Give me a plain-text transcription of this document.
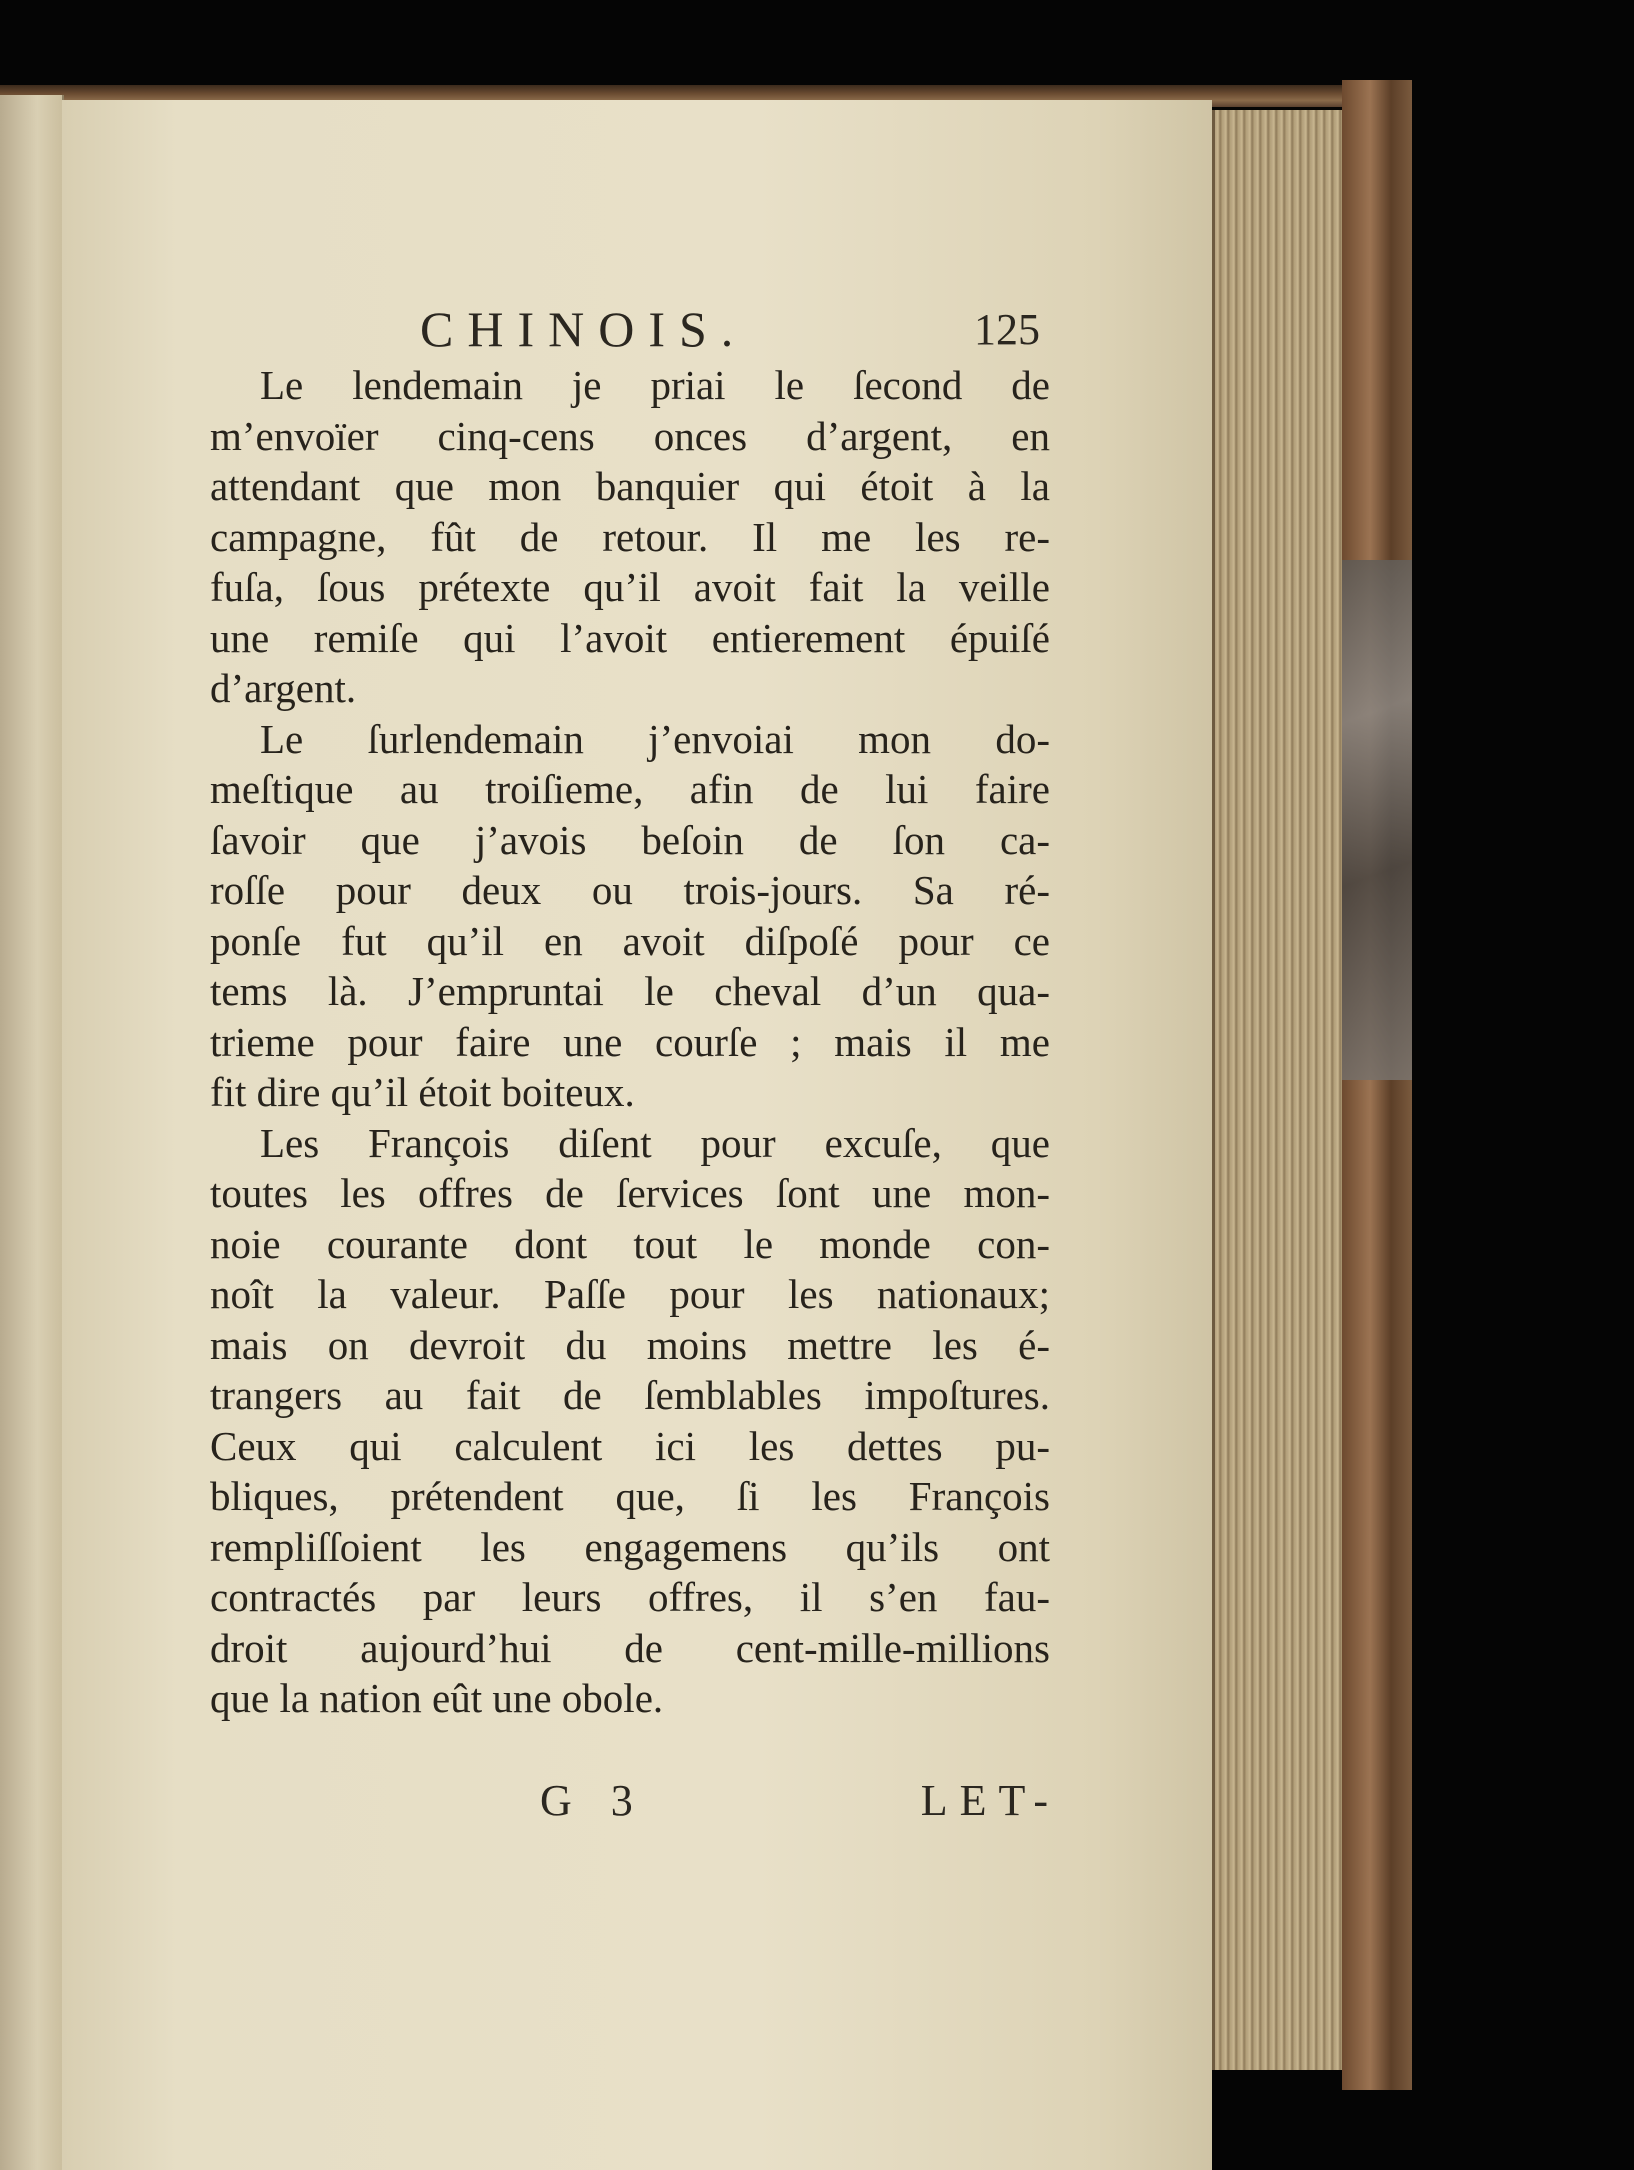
CHINOIS.	125
Le lendemain je priai le ſecond de
m’envoïer cinq-cens onces d’argent, en
attendant que mon banquier qui étoit à la
campagne, fût de retour. Il me les re-
fuſa, ſous prétexte qu’il avoit fait la veille
une remiſe qui l’avoit entierement épuiſé
d’argent.
Le ſurlendemain j’envoiai mon do-
meſtique au troiſieme, afin de lui faire
ſavoir que j’avois beſoin de ſon ca-
roſſe pour deux ou trois-jours. Sa ré-
ponſe fut qu’il en avoit diſpoſé pour ce
tems là. J’empruntai le cheval d’un qua-
trieme pour faire une courſe ; mais il me
fit dire qu’il étoit boiteux.
Les François diſent pour excuſe, que
toutes les offres de ſervices ſont une mon-
noie courante dont tout le monde con-
noît la valeur. Paſſe pour les nationaux;
mais on devroit du moins mettre les é-
trangers au fait de ſemblables impoſtures.
Ceux qui calculent ici les dettes pu-
bliques, prétendent que, ſi les François
rempliſſoient les engagemens qu’ils ont
contractés par leurs offres, il s’en fau-
droit aujourd’hui de cent-mille-millions
que la nation eût une obole.
G 3	LET-
